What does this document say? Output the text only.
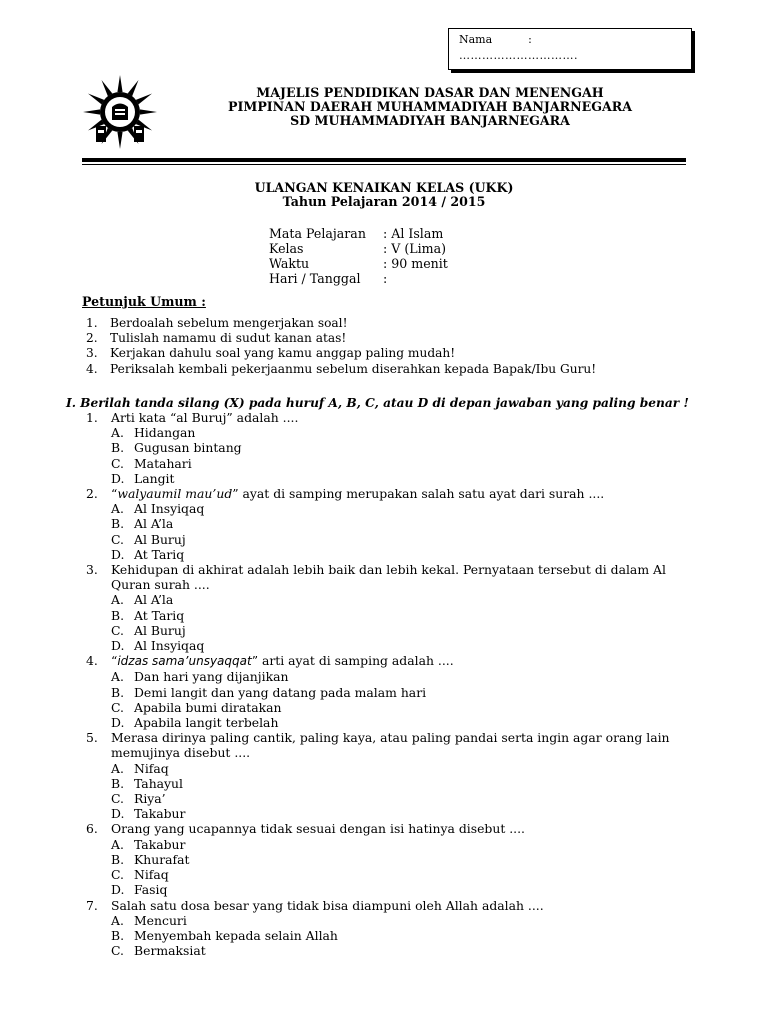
Nama	:
………………………….
MAJELIS PENDIDIKAN DASAR DAN MENENGAH
PIMPINAN DAERAH MUHAMMADIYAH BANJARNEGARA
SD MUHAMMADIYAH BANJARNEGARA
ULANGAN KENAIKAN KELAS (UKK)
Tahun Pelajaran 2014 / 2015
Mata Pelajaran	: Al Islam
Kelas	: V (Lima)
Waktu	: 90 menit
Hari / Tanggal	:
Petunjuk Umum :
1.	Berdoalah sebelum mengerjakan soal!
2.	Tulislah namamu di sudut kanan atas!
3.	Kerjakan dahulu soal yang kamu anggap paling mudah!
4.	Periksalah kembali pekerjaanmu sebelum diserahkan kepada Bapak/Ibu Guru!
I. Berilah tanda silang (X) pada huruf A, B, C, atau D di depan jawaban yang paling benar !
1.	Arti kata “al Buruj” adalah ....
A. Hidangan
B. Gugusan bintang
C. Matahari
D. Langit
2.	“walyaumil mau’ud” ayat di samping merupakan salah satu ayat dari surah ....
A. Al Insyiqaq
B. Al A’la
C. Al Buruj
D. At Tariq
3.	Kehidupan di akhirat adalah lebih baik dan lebih kekal. Pernyataan tersebut di dalam Al Quran surah ....
A. Al A’la
B. At Tariq
C. Al Buruj
D. Al Insyiqaq
4.	“idzas sama’unsyaqqat” arti ayat di samping adalah ....
A. Dan hari yang dijanjikan
B. Demi langit dan yang datang pada malam hari
C. Apabila bumi diratakan
D. Apabila langit terbelah
5.	Merasa dirinya paling cantik, paling kaya, atau paling pandai serta ingin agar orang lain memujinya disebut ....
A. Nifaq
B. Tahayul
C. Riya’
D. Takabur
6.	Orang yang ucapannya tidak sesuai dengan isi hatinya disebut ....
A. Takabur
B. Khurafat
C. Nifaq
D. Fasiq
7.	Salah satu dosa besar yang tidak bisa diampuni oleh Allah adalah ....
A. Mencuri
B. Menyembah kepada selain Allah
C. Bermaksiat
